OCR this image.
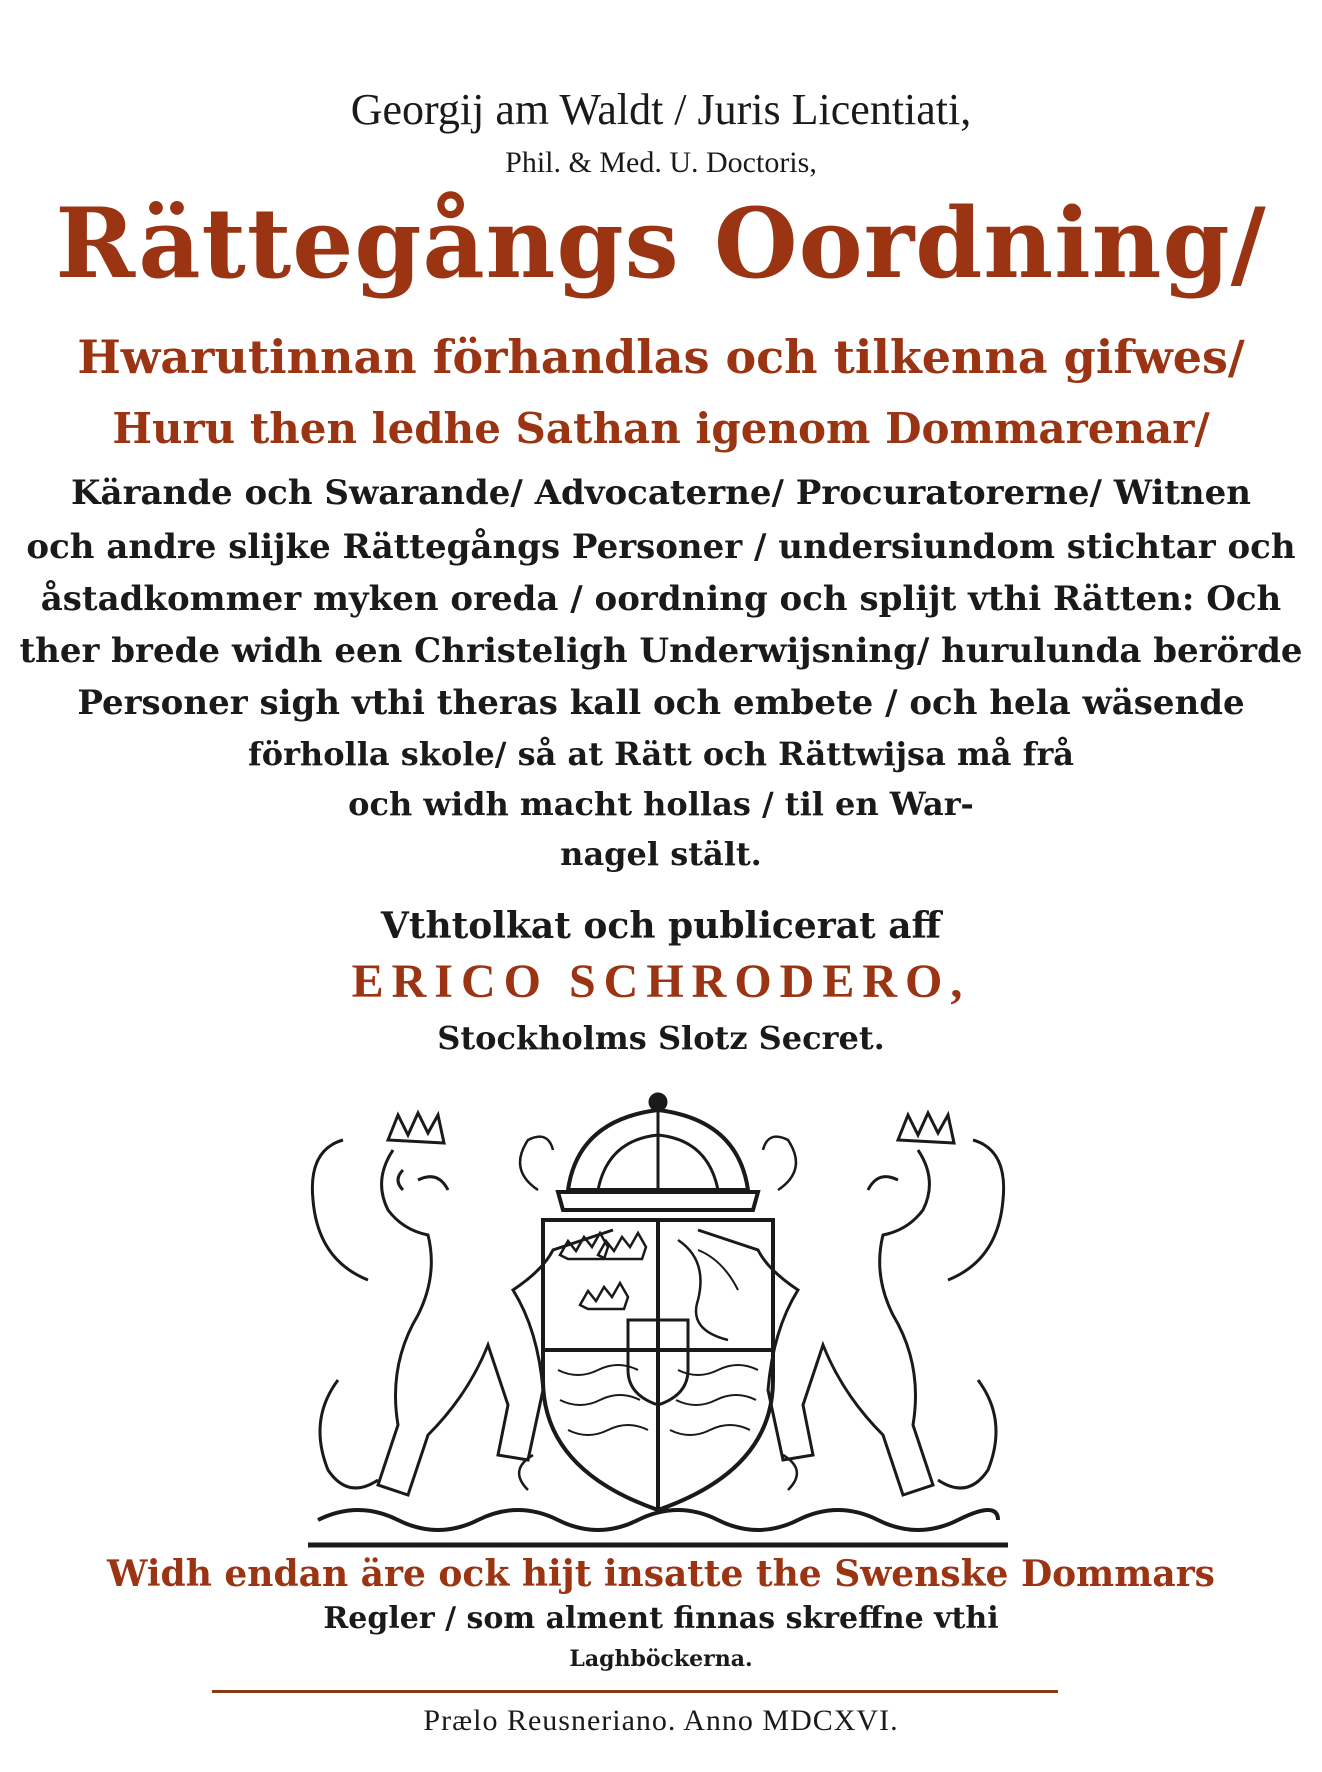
Georgij am Waldt / Juris Licentiati,
Phil. & Med. U. Doctoris,
Rättegångs Oordning/
Hwarutinnan förhandlas och tilkenna gifwes/
Huru then ledhe Sathan igenom Dommarenar/
Kärande och Swarande/ Advocaterne/ Procuratorerne/ Witnen
och andre slijke Rättegångs Personer / undersiundom stichtar och
åstadkommer myken oreda / oordning och splijt vthi Rätten: Och
ther brede widh een Christeligh Underwijsning/ hurulunda berörde
Personer sigh vthi theras kall och embete / och hela wäsende
förholla skole/ så at Rätt och Rättwijsa må frå
och widh macht hollas / til en War-
nagel stält.
Vthtolkat och publicerat aff
ERICO SCHRODERO,
Stockholms Slotz Secret.
Widh endan äre ock hijt insatte the Swenske Dommars
Regler / som alment finnas skreffne vthi
Laghböckerna.
Prælo Reusneriano. Anno MDCXVI.
